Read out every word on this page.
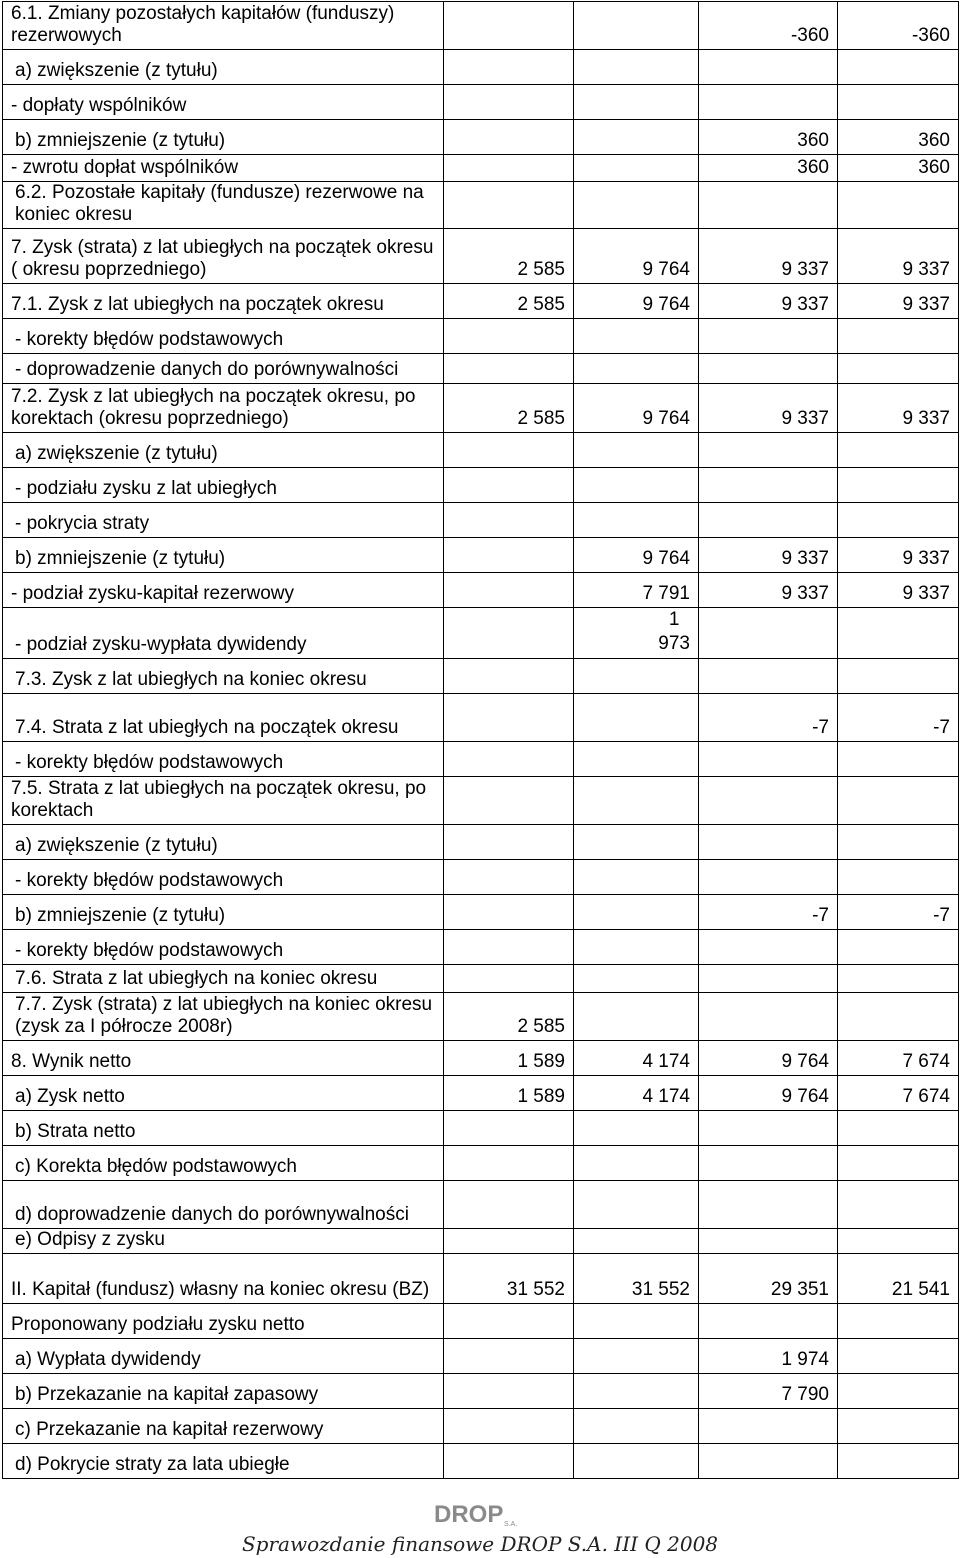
6.1. Zmiany pozostałych kapitałów (funduszy) rezerwowych			-360	-360
a) zwiększenie (z tytułu)				
- dopłaty wspólników				
b) zmniejszenie (z tytułu)			360	360
- zwrotu dopłat wspólników			360	360
6.2. Pozostałe kapitały (fundusze) rezerwowe na koniec okresu				
7. Zysk (strata) z lat ubiegłych na początek okresu ( okresu poprzedniego)	2 585	9 764	9 337	9 337
7.1. Zysk z lat ubiegłych na początek okresu	2 585	9 764	9 337	9 337
- korekty błędów podstawowych				
- doprowadzenie danych do porównywalności				
7.2. Zysk z lat ubiegłych na początek okresu, po korektach (okresu poprzedniego)	2 585	9 764	9 337	9 337
a) zwiększenie (z tytułu)				
- podziału zysku z lat ubiegłych				
- pokrycia straty				
b) zmniejszenie (z tytułu)		9 764	9 337	9 337
- podział zysku-kapitał rezerwowy		7 791	9 337	9 337
- podział zysku-wypłata dywidendy		1
973		
7.3. Zysk z lat ubiegłych na koniec okresu				
7.4. Strata z lat ubiegłych na początek okresu			-7	-7
- korekty błędów podstawowych				
7.5. Strata z lat ubiegłych na początek okresu, po korektach				
a) zwiększenie (z tytułu)				
- korekty błędów podstawowych				
b) zmniejszenie (z tytułu)			-7	-7
- korekty błędów podstawowych				
7.6. Strata z lat ubiegłych na koniec okresu				
7.7. Zysk (strata) z lat ubiegłych na koniec okresu (zysk za I półrocze 2008r)	2 585			
8. Wynik netto	1 589	4 174	9 764	7 674
a) Zysk netto	1 589	4 174	9 764	7 674
b) Strata netto				
c) Korekta błędów podstawowych				
d) doprowadzenie danych do porównywalności				
e) Odpisy z zysku				
II. Kapitał (fundusz) własny na koniec okresu (BZ)	31 552	31 552	29 351	21 541
Proponowany podziału zysku netto				
a) Wypłata dywidendy			1 974	
b) Przekazanie na kapitał zapasowy			7 790	
c) Przekazanie na kapitał rezerwowy				
d) Pokrycie straty za lata ubiegłe				
DROP S.A.
Sprawozdanie finansowe DROP S.A. III Q 2008
